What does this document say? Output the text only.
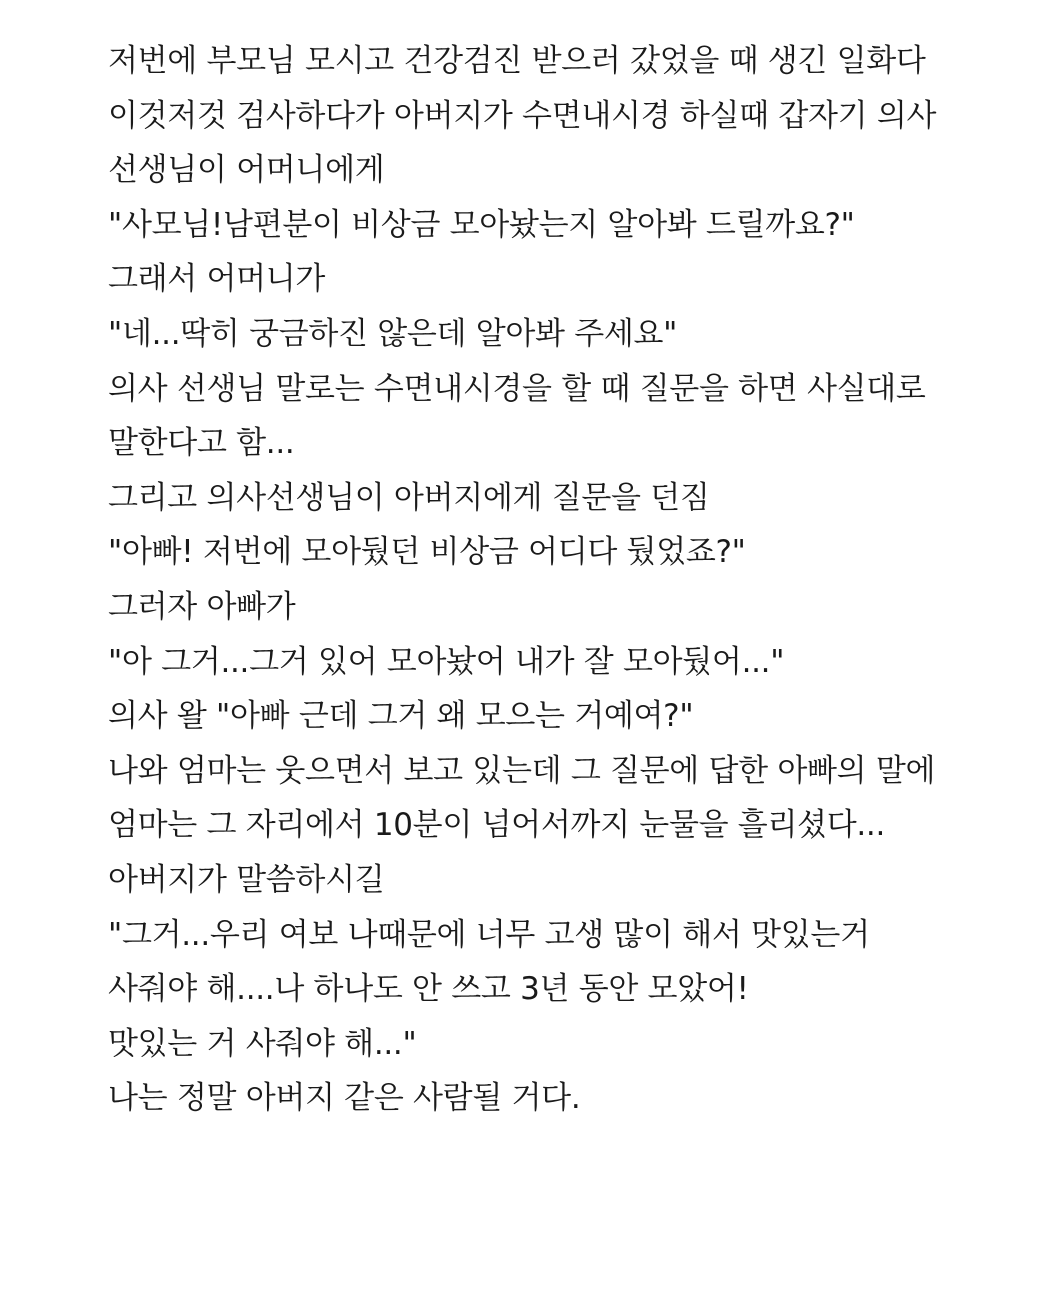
저번에 부모님 모시고 건강검진 받으러 갔었을 때 생긴 일화다
이것저것 검사하다가 아버지가 수면내시경 하실때 갑자기 의사
선생님이 어머니에게
"사모님!남편분이 비상금 모아놨는지 알아봐 드릴까요?"
그래서 어머니가
"네...딱히 궁금하진 않은데 알아봐 주세요"
의사 선생님 말로는 수면내시경을 할 때 질문을 하면 사실대로
말한다고 함...
그리고 의사선생님이 아버지에게 질문을 던짐
"아빠! 저번에 모아뒀던 비상금 어디다 뒀었죠?"
그러자 아빠가
"아 그거...그거 있어 모아놨어 내가 잘 모아뒀어..."
의사 왈 "아빠 근데 그거 왜 모으는 거예여?"
나와 엄마는 웃으면서 보고 있는데 그 질문에 답한 아빠의 말에
엄마는 그 자리에서 10분이 넘어서까지 눈물을 흘리셨다...
아버지가 말씀하시길
"그거...우리 여보 나때문에 너무 고생 많이 해서 맛있는거
사줘야 해....나 하나도 안 쓰고 3년 동안 모았어!
맛있는 거 사줘야 해..."
나는 정말 아버지 같은 사람될 거다.
